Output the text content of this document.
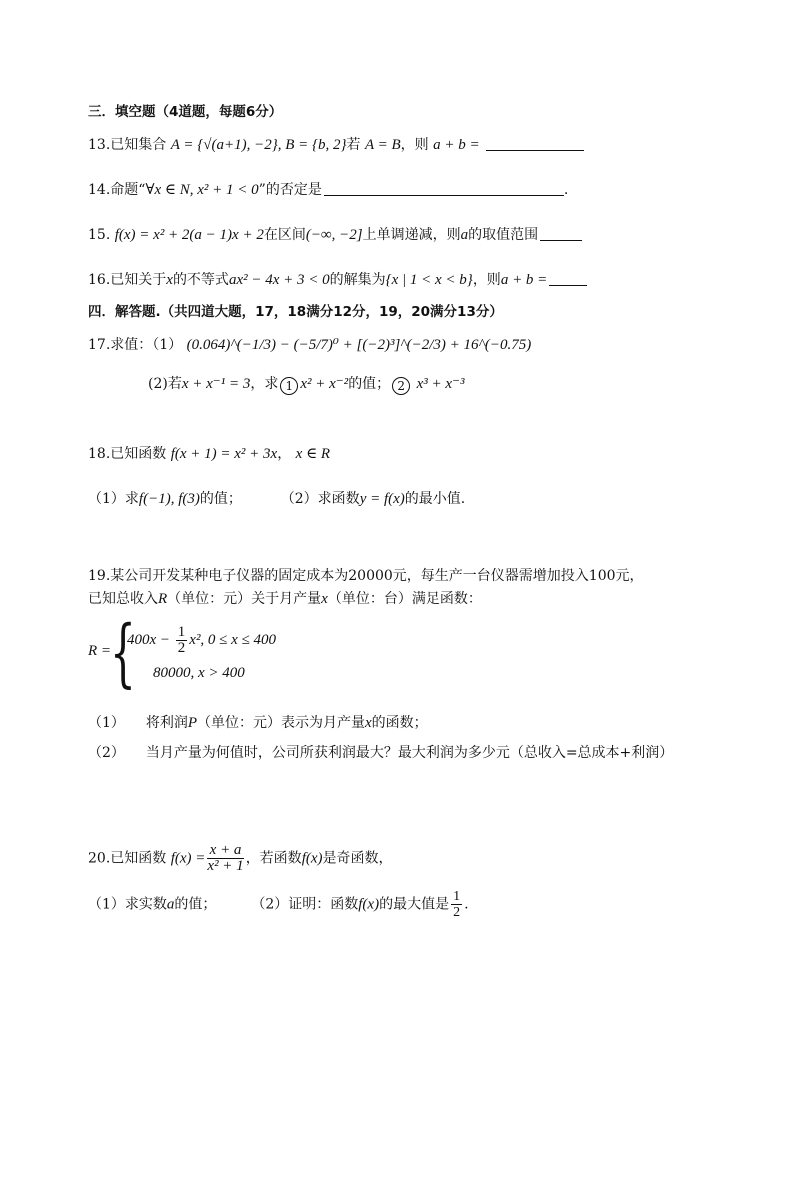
三．填空题（4道题，每题6分）
13.已知集合 A = {√(a+1), −2}, B = {b, 2}若 A = B，则 a + b =
14.命题“∀x ∈ N, x² + 1 < 0”的否定是	.
15. f(x) = x² + 2(a − 1)x + 2在区间(−∞, −2]上单调递减，则a的取值范围
16.已知关于x的不等式ax² − 4x + 3 < 0的解集为{x | 1 < x < b}，则a + b =
四．解答题.（共四道大题，17，18满分12分，19，20满分13分）
17.求值：（1） (0.064)^(−1/3) − (−5/7)⁰ + [(−2)³]^(−2/3) + 16^(−0.75)
(2)若x + x⁻¹ = 3，求 1 x² + x⁻²的值； 2 x³ + x⁻³
18.已知函数 f(x + 1) = x² + 3x， x ∈ R
（1）求f(−1), f(3)的值；	（2）求函数y = f(x)的最小值.
19.某公司开发某种电子仪器的固定成本为20000元，每生产一台仪器需增加投入100元，
已知总收入R（单位：元）关于月产量x（单位：台）满足函数：
R =
{
$400x - \frac{1}{2} x^2$, 0 ≤ x ≤ 400
80000, x > 400
（1） 将利润P（单位：元）表示为月产量x的函数；
（2） 当月产量为何值时，公司所获利润最大？最大利润为多少元（总收入=总成本+利润）
20.已知函数 $f(x) = \frac{x + a}{\text{x² + 1}}$ ，若函数f(x)是奇函数，
（1）求实数a的值； （2）证明：函数f(x)的最大值是 $\frac{1}{2}$ .
